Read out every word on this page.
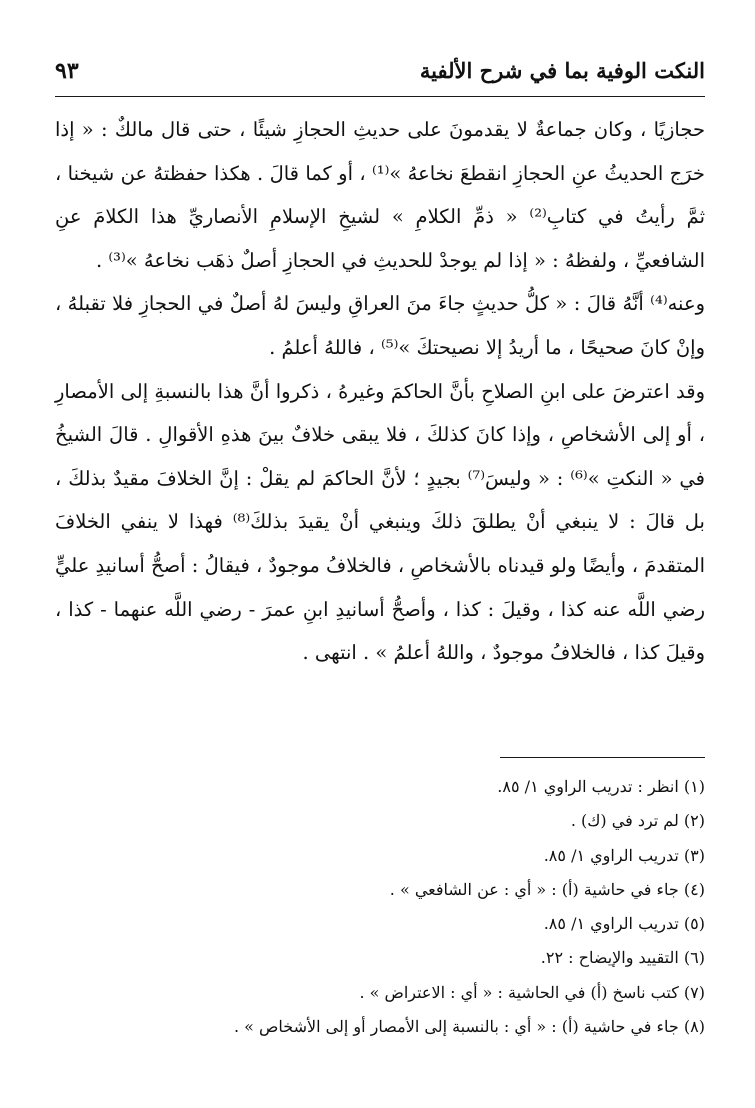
النكت الوفية بما في شرح الألفية
٩٣

حجازيًا ، وكان جماعةٌ لا يقدمونَ على حديثِ الحجازِ شيئًا ، حتى قال مالكٌ : « إذا خرَج الحديثُ عنِ الحجازِ انقطعَ نخاعهُ »⁽¹⁾ ، أو كما قالَ . هكذا حفظتهُ عن شيخنا ، ثمَّ رأيتُ في كتابِ⁽²⁾ « ذمِّ الكلامِ » لشيخِ الإسلامِ الأنصاريِّ هذا الكلامَ عنِ الشافعيِّ ، ولفظهُ : « إذا لم يوجدْ للحديثِ في الحجازِ أصلٌ ذهَب نخاعهُ »⁽³⁾ .

وعنه⁽⁴⁾ أنَّهُ قالَ : « كلُّ حديثٍ جاءَ منَ العراقِ وليسَ لهُ أصلٌ في الحجازِ فلا تقبلهُ ، وإنْ كانَ صحيحًا ، ما أريدُ إلا نصيحتكَ »⁽⁵⁾ ، فاللهُ أعلمُ .

وقد اعترضَ على ابنِ الصلاحِ بأنَّ الحاكمَ وغيرهُ ، ذكروا أنَّ هذا بالنسبةِ إلى الأمصارِ ، أو إلى الأشخاصِ ، وإذا كانَ كذلكَ ، فلا يبقى خلافٌ بينَ هذهِ الأقوالِ . قالَ الشيخُ في « النكتِ »⁽⁶⁾ : « وليسَ⁽⁷⁾ بجيدٍ ؛ لأنَّ الحاكمَ لم يقلْ : إنَّ الخلافَ مقيدٌ بذلكَ ، بل قالَ : لا ينبغي أنْ يطلقَ ذلكَ وينبغي أنْ يقيدَ بذلكَ⁽⁸⁾ فهذا لا ينفي الخلافَ المتقدمَ ، وأيضًا ولو قيدناه بالأشخاصِ ، فالخلافُ موجودٌ ، فيقالُ : أصحُّ أسانيدِ عليٍّ رضي اللَّه عنه كذا ، وقيلَ : كذا ، وأصحُّ أسانيدِ ابنِ عمرَ - رضي اللَّه عنهما - كذا ، وقيلَ كذا ، فالخلافُ موجودٌ ، واللهُ أعلمُ » . انتهى .

(١) انظر : تدريب الراوي ١/ ٨٥.
(٢) لم ترد في (ك) .
(٣) تدريب الراوي ١/ ٨٥.
(٤) جاء في حاشية (أ) : « أي : عن الشافعي » .
(٥) تدريب الراوي ١/ ٨٥.
(٦) التقييد والإيضاح : ٢٢.
(٧) كتب ناسخ (أ) في الحاشية : « أي : الاعتراض » .
(٨) جاء في حاشية (أ) : « أي : بالنسبة إلى الأمصار أو إلى الأشخاص » .
